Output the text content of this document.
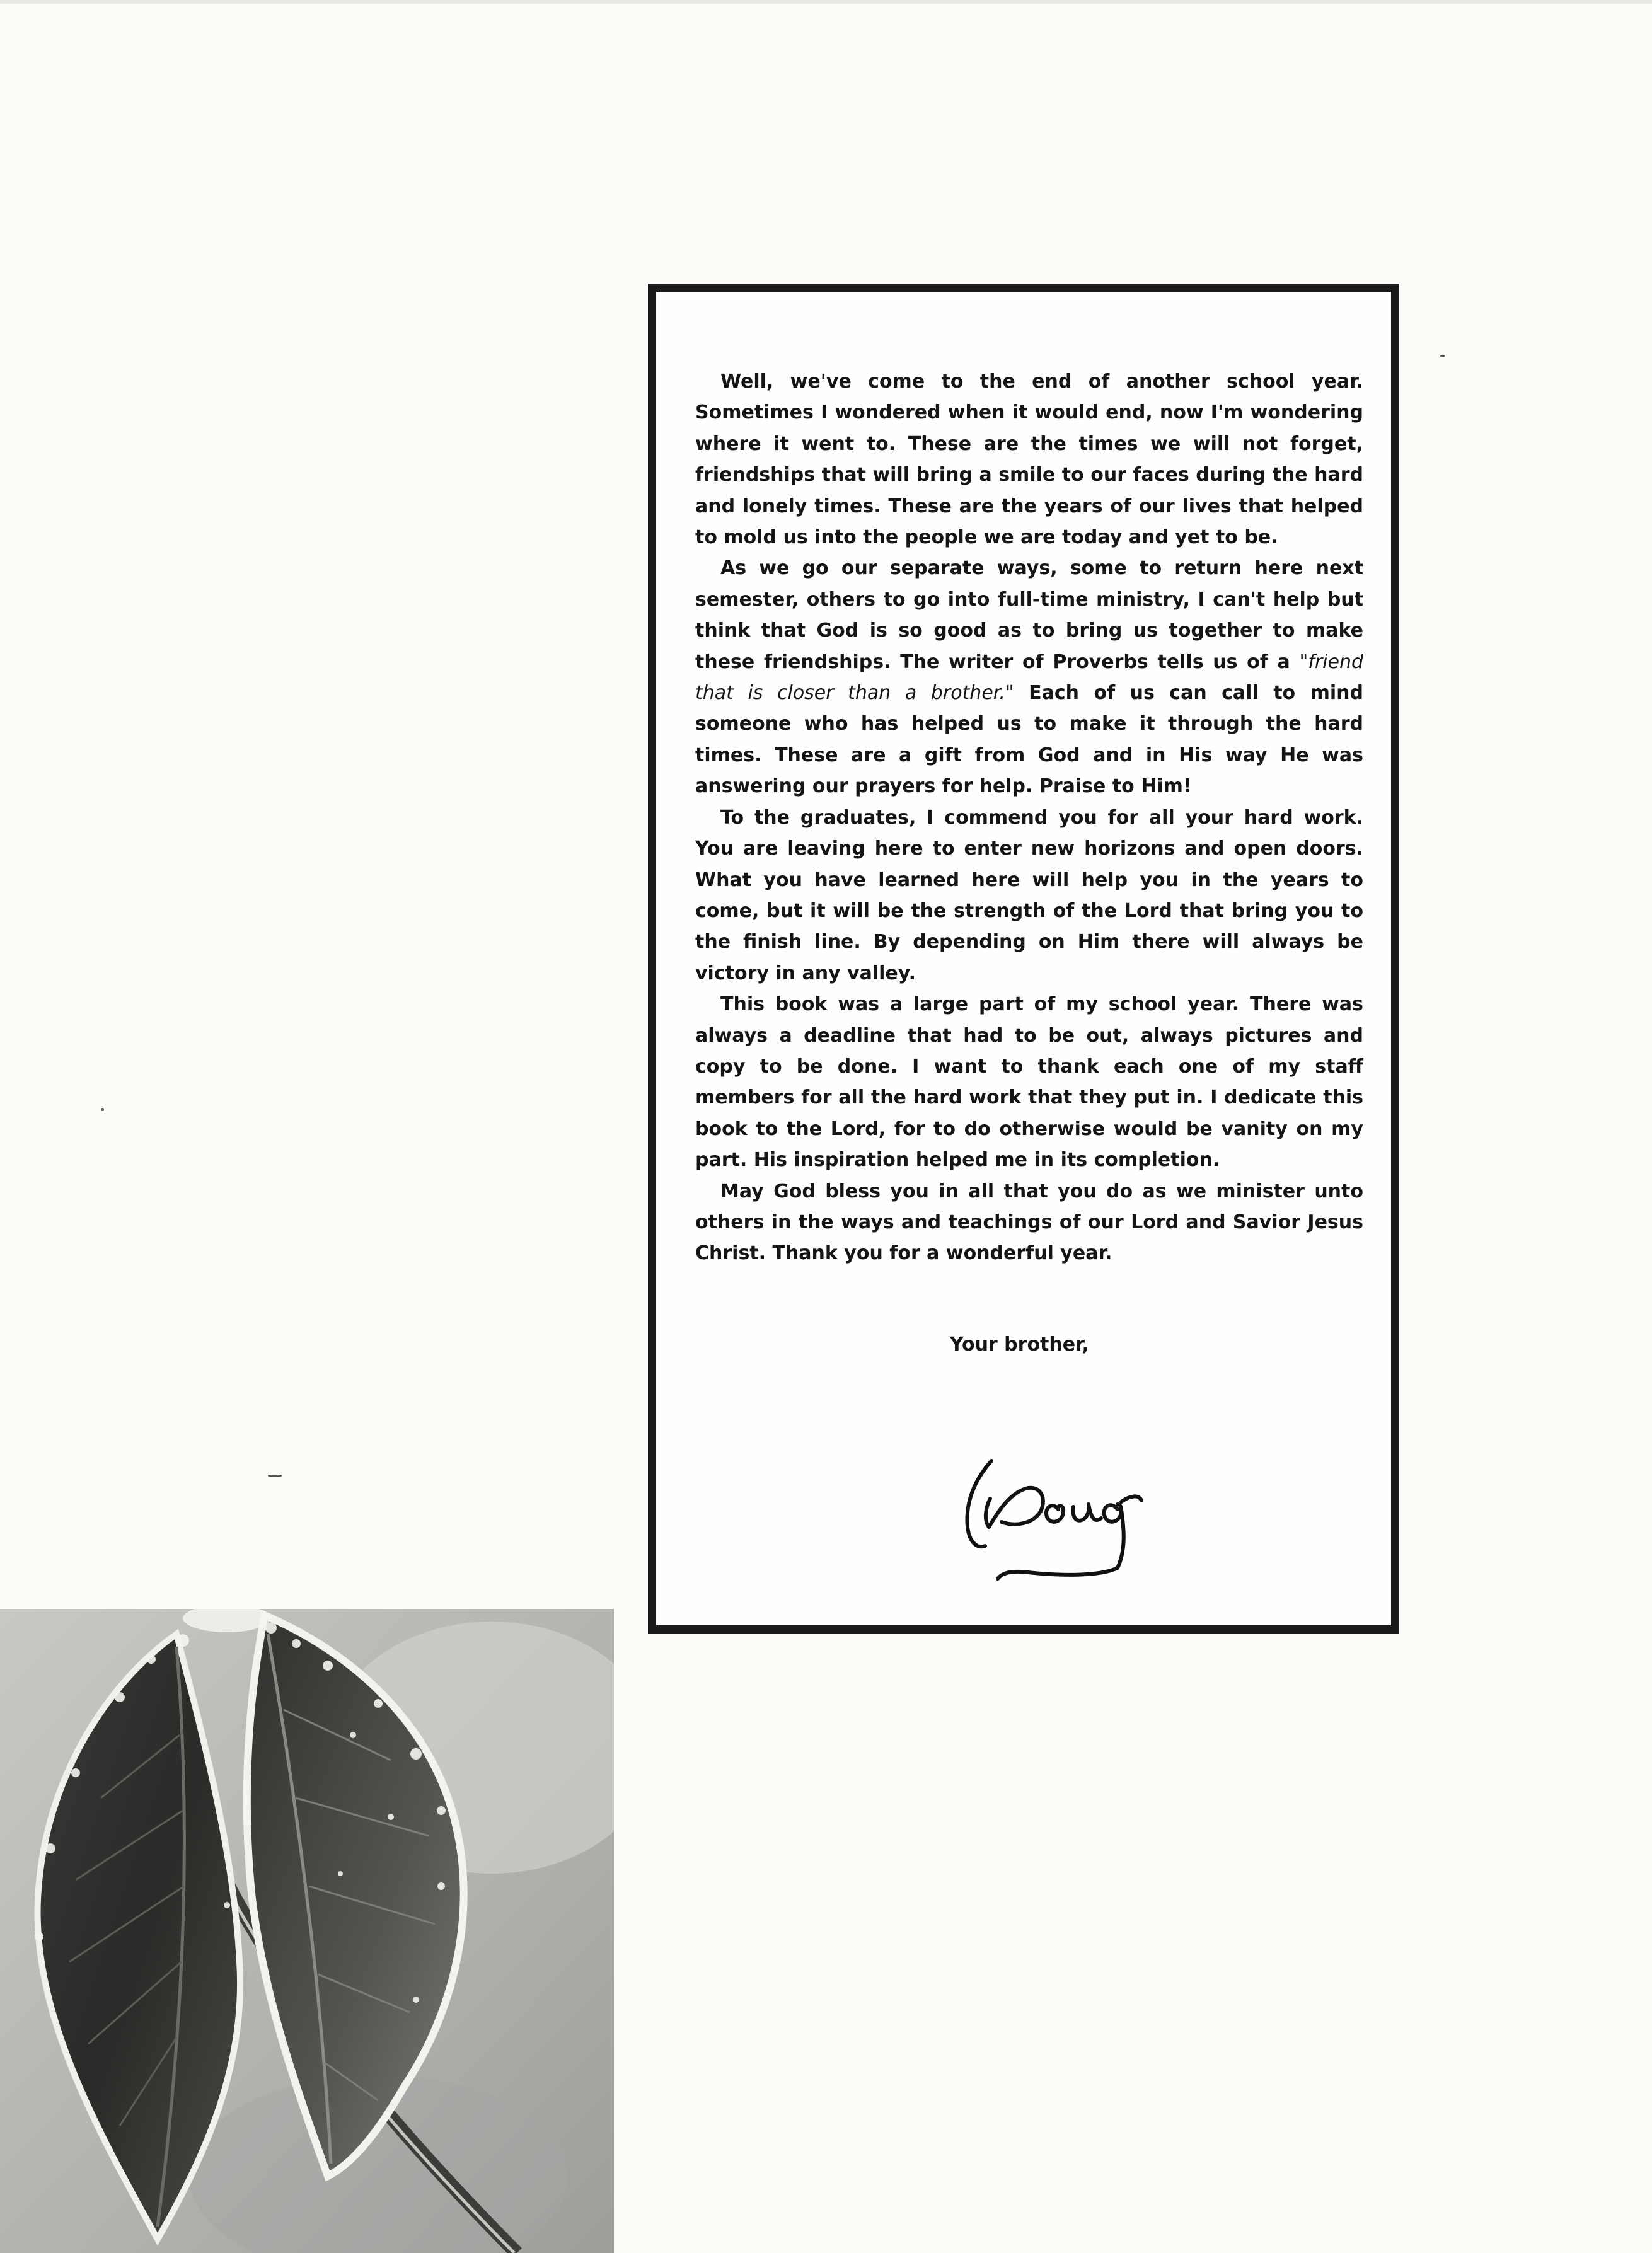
Well, we've come to the end of another school year. Sometimes I wondered when it would end, now I'm wondering where it went to. These are the times we will not forget, friendships that will bring a smile to our faces during the hard and lonely times. These are the years of our lives that helped to mold us into the people we are today and yet to be.

As we go our separate ways, some to return here next semester, others to go into full-time ministry, I can't help but think that God is so good as to bring us together to make these friendships. The writer of Proverbs tells us of a "friend that is closer than a brother." Each of us can call to mind someone who has helped us to make it through the hard times. These are a gift from God and in His way He was answering our prayers for help. Praise to Him!

To the graduates, I commend you for all your hard work. You are leaving here to enter new horizons and open doors. What you have learned here will help you in the years to come, but it will be the strength of the Lord that bring you to the finish line. By depending on Him there will always be victory in any valley.

This book was a large part of my school year. There was always a deadline that had to be out, always pictures and copy to be done. I want to thank each one of my staff members for all the hard work that they put in. I dedicate this book to the Lord, for to do otherwise would be vanity on my part. His inspiration helped me in its completion.

May God bless you in all that you do as we minister unto others in the ways and teachings of our Lord and Savior Jesus Christ. Thank you for a wonderful year.

Your brother,
